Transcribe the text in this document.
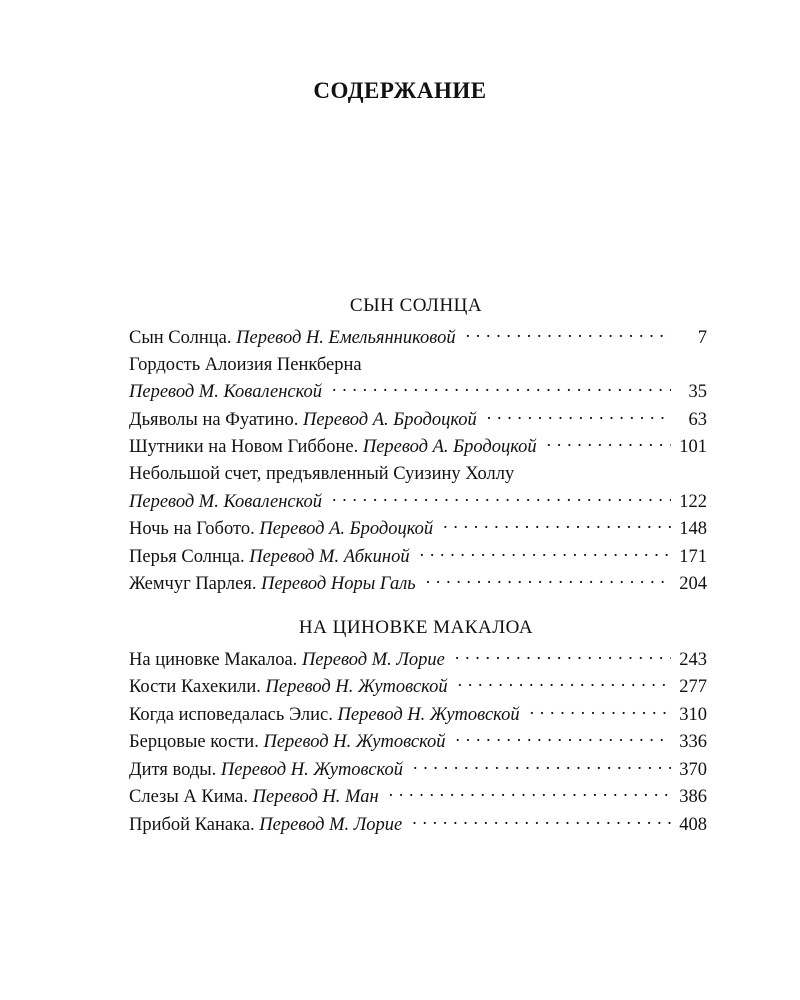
СОДЕРЖАНИЕ
СЫН СОЛНЦА
Сын Солнца. Перевод Н. Емельянниковой . . .	7
Гордость Алоизия Пенкберна
Перевод М. Коваленской . . .	35
Дьяволы на Фуатино. Перевод А. Бродоцкой . . .	63
Шутники на Новом Гиббоне. Перевод А. Бродоцкой . . .	101
Небольшой счет, предъявленный Суизину Холлу
Перевод М. Коваленской . . .	122
Ночь на Гобото. Перевод А. Бродоцкой . . .	148
Перья Солнца. Перевод М. Абкиной . . .	171
Жемчуг Парлея. Перевод Норы Галь . . .	204
НА ЦИНОВКЕ МАКАЛОА
На циновке Макалоа. Перевод М. Лорие . . .	243
Кости Кахекили. Перевод Н. Жутовской . . .	277
Когда исповедалась Элис. Перевод Н. Жутовской . . .	310
Берцовые кости. Перевод Н. Жутовской . . .	336
Дитя воды. Перевод Н. Жутовской . . .	370
Слезы А Кима. Перевод Н. Ман . . .	386
Прибой Канака. Перевод М. Лорие . . .	408
